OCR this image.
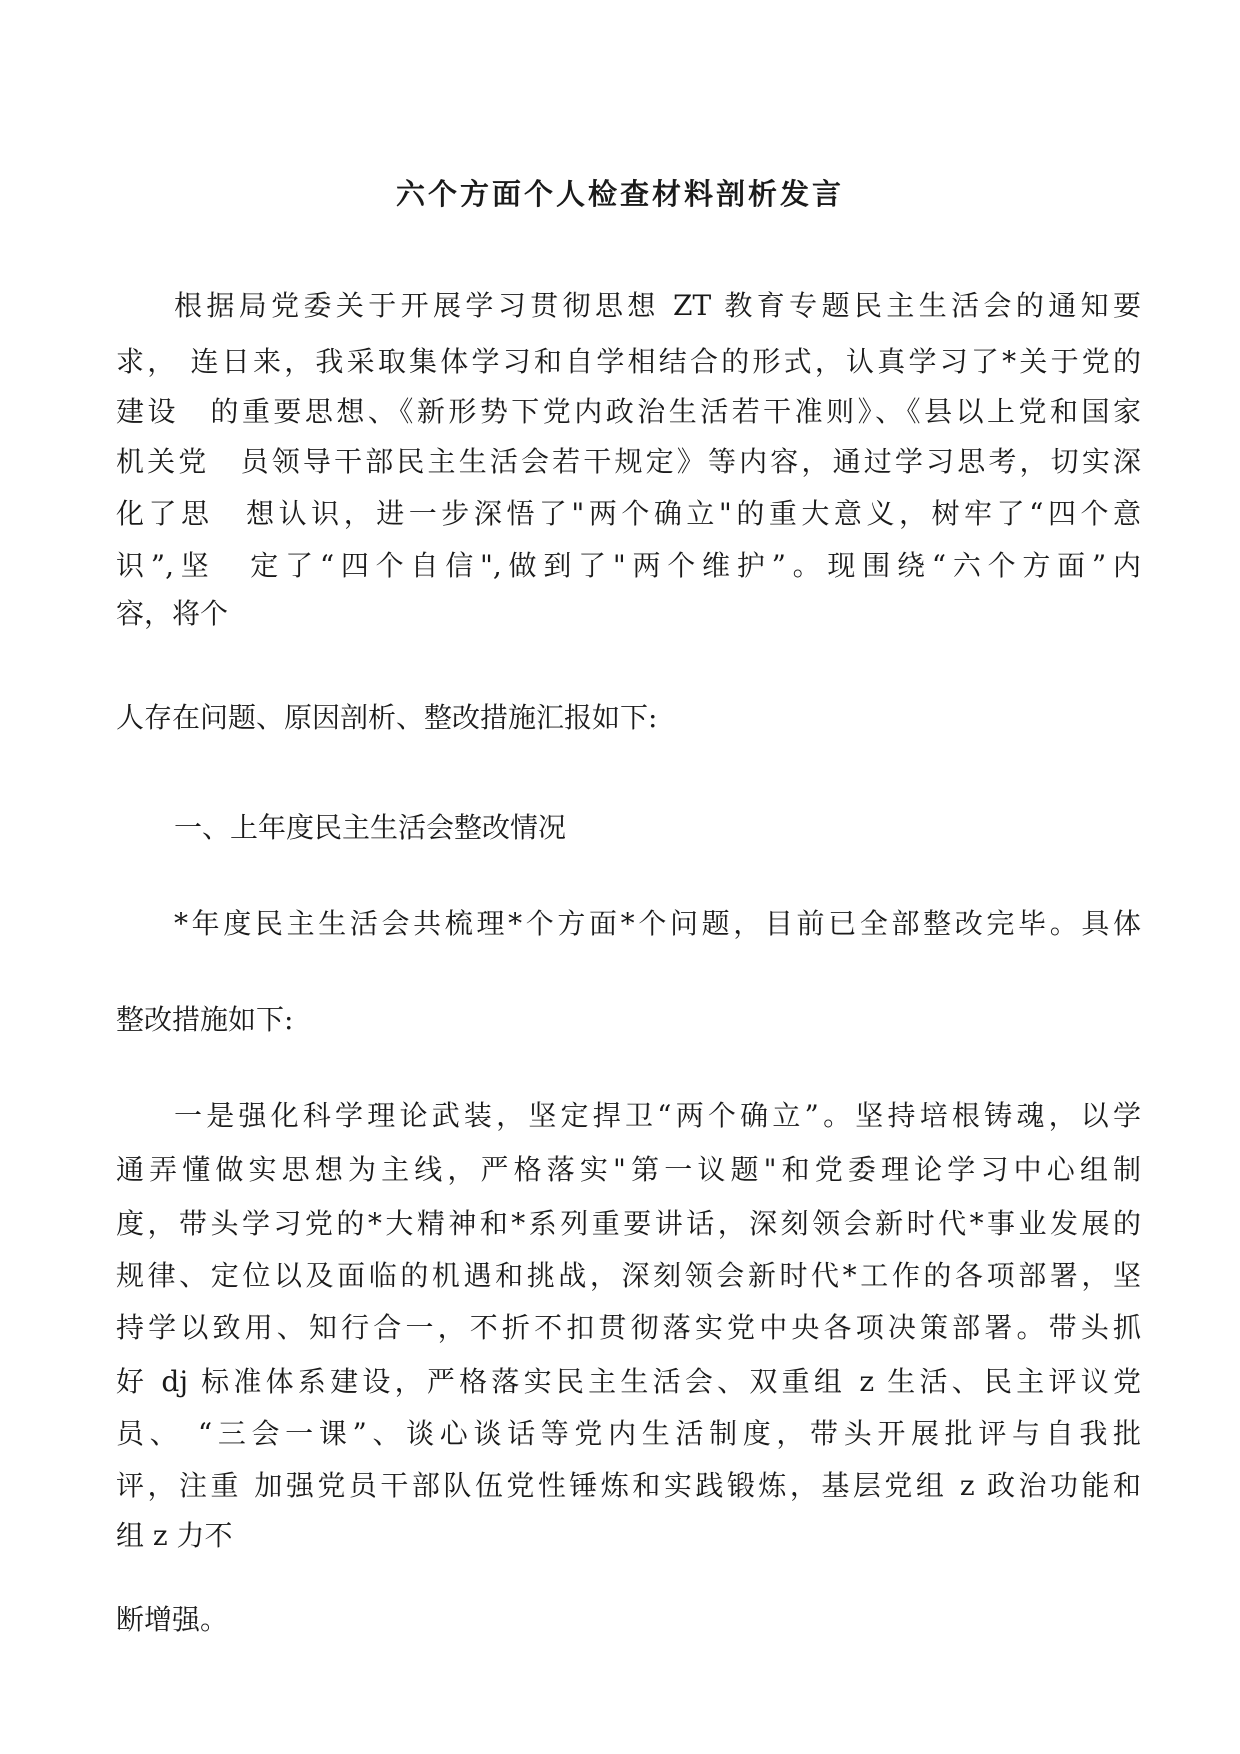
六个方面个人检查材料剖析发言

根据局党委关于开展学习贯彻思想 ZT 教育专题民主生活会的通知要

求， 连日来，我采取集体学习和自学相结合的形式，认真学习了*关于党的

建设　的重要思想、《新形势下党内政治生活若干准则》、《县以上党和国家

机关党　员领导干部民主生活会若干规定》等内容，通过学习思考，切实深

化了思　想认识，进一步深悟了"两个确立"的重大意义，树牢了“四个意

识”,坚　定了“四个自信",做到了"两个维护”。现围绕“六个方面”内

容，将个

人存在问题、原因剖析、整改措施汇报如下:

一、上年度民主生活会整改情况

*年度民主生活会共梳理*个方面*个问题，目前已全部整改完毕。具体

整改措施如下:

一是强化科学理论武装，坚定捍卫“两个确立”。坚持培根铸魂，以学

通弄懂做实思想为主线，严格落实"第一议题"和党委理论学习中心组制

度，带头学习党的*大精神和*系列重要讲话，深刻领会新时代*事业发展的

规律、定位以及面临的机遇和挑战，深刻领会新时代*工作的各项部署，坚

持学以致用、知行合一，不折不扣贯彻落实党中央各项决策部署。带头抓

好 dj 标准体系建设，严格落实民主生活会、双重组 z 生活、民主评议党

员、 “三会一课”、谈心谈话等党内生活制度，带头开展批评与自我批

评，注重 加强党员干部队伍党性锤炼和实践锻炼，基层党组 z 政治功能和

组 z 力不

断增强。
